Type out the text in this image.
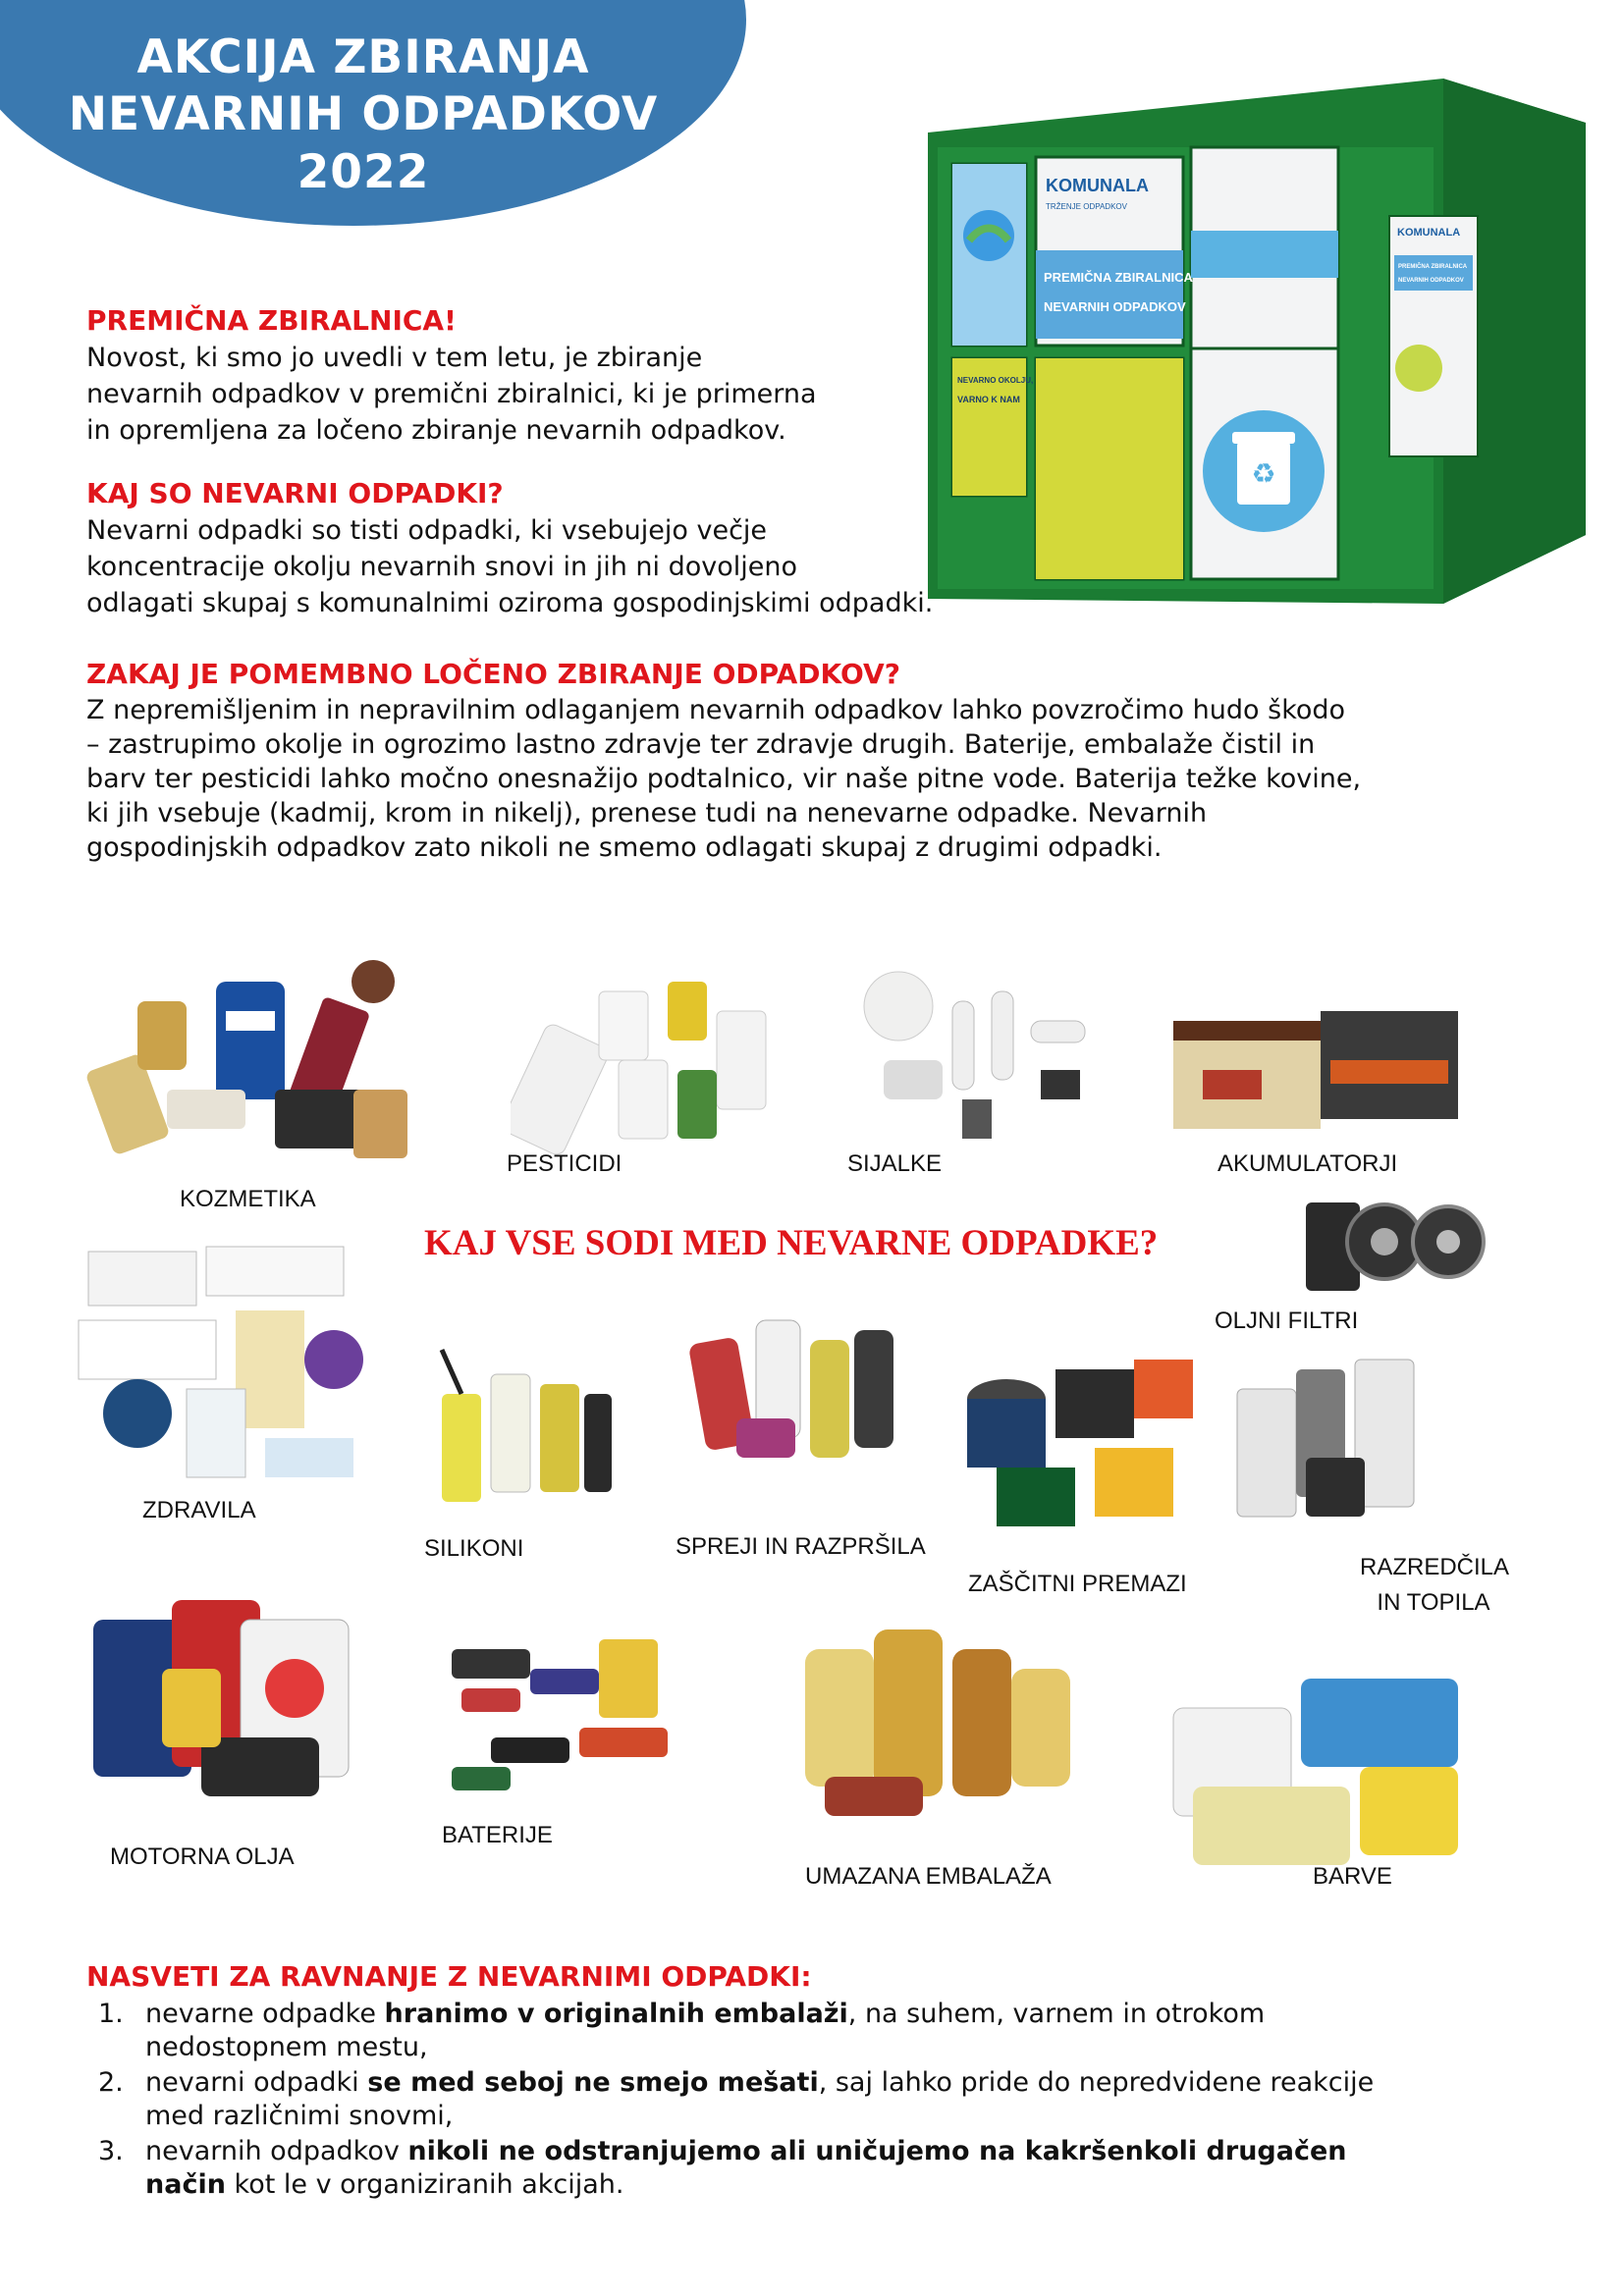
AKCIJA ZBIRANJA
NEVARNIH ODPADKOV
2022	KOMUNALA
TRŽENJE ODPADKOV
PREMIČNA ZBIRALNICA
NEVARNIH ODPADKOV
NEVARNO OKOLJU,
VARNO K NAM
♻
KOMUNALA
PREMIČNA ZBIRALNICA
NEVARNIH ODPADKOV
Tehnix
PREMIČNA ZBIRALNICA!
Novost, ki smo jo uvedli v tem letu, je zbiranje
nevarnih odpadkov v premični zbiralnici, ki je primerna
in opremljena za ločeno zbiranje nevarnih odpadkov.
KAJ SO NEVARNI ODPADKI?
Nevarni odpadki so tisti odpadki, ki vsebujejo večje
koncentracije okolju nevarnih snovi in jih ni dovoljeno
odlagati skupaj s komunalnimi oziroma gospodinjskimi odpadki.
ZAKAJ JE POMEMBNO LOČENO ZBIRANJE ODPADKOV?
Z nepremišljenim in nepravilnim odlaganjem nevarnih odpadkov lahko povzročimo hudo škodo
– zastrupimo okolje in ogrozimo lastno zdravje ter zdravje drugih. Baterije, embalaže čistil in
barv ter pesticidi lahko močno onesnažijo podtalnico, vir naše pitne vode. Baterija težke kovine,
ki jih vsebuje (kadmij, krom in nikelj), prenese tudi na nenevarne odpadke. Nevarnih
gospodinjskih odpadkov zato nikoli ne smemo odlagati skupaj z drugimi odpadki.
KOZMETIKA
PESTICIDI	SIJALKE	AKUMULATORJI
KAJ VSE SODI MED NEVARNE ODPADKE?
OLJNI FILTRI
ZDRAVILA
SILIKONI	SPREJI IN RAZPRŠILA
ZAŠČITNI PREMAZI
RAZREDČILA
IN TOPILA
MOTORNA OLJA
BATERIJE
UMAZANA EMBALAŽA	BARVE
NASVETI ZA RAVNANJE Z NEVARNIMI ODPADKI:
1. nevarne odpadke hranimo v originalnih embalaži, na suhem, varnem in otrokom
nedostopnem mestu,
2. nevarni odpadki se med seboj ne smejo mešati, saj lahko pride do nepredvidene reakcije
med različnimi snovmi,
3. nevarnih odpadkov nikoli ne odstranjujemo ali uničujemo na kakršenkoli drugačen
način kot le v organiziranih akcijah.
